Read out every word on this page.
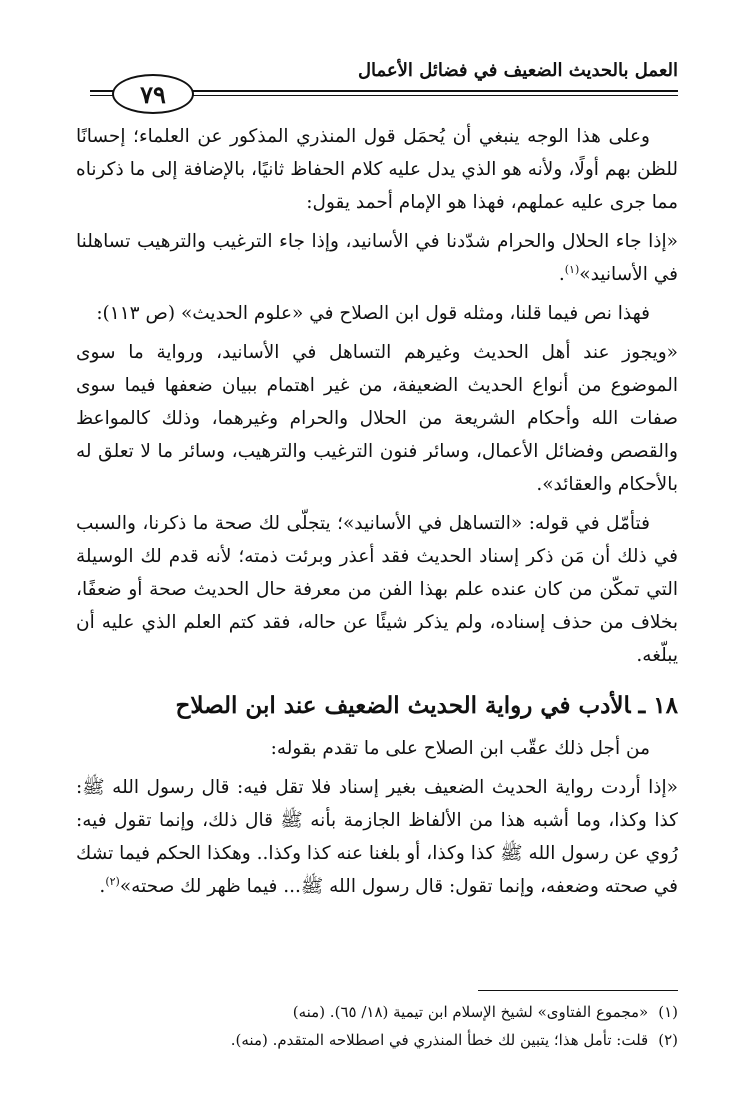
العمل بالحديث الضعيف في فضائل الأعمال
٧٩

وعلى هذا الوجه ينبغي أن يُحمَل قول المنذري المذكور عن العلماء؛ إحسانًا للظن بهم أولًا، ولأنه هو الذي يدل عليه كلام الحفاظ ثانيًا، بالإضافة إلى ما ذكرناه مما جرى عليه عملهم، فهذا هو الإمام أحمد يقول:

«إذا جاء الحلال والحرام شدّدنا في الأسانيد، وإذا جاء الترغيب والترهيب تساهلنا في الأسانيد»$^{(١)}$.

فهذا نص فيما قلنا، ومثله قول ابن الصلاح في «علوم الحديث» (ص ١١٣):

«ويجوز عند أهل الحديث وغيرهم التساهل في الأسانيد، ورواية ما سوى الموضوع من أنواع الحديث الضعيفة، من غير اهتمام ببيان ضعفها فيما سوى صفات الله وأحكام الشريعة من الحلال والحرام وغيرهما، وذلك كالمواعظ والقصص وفضائل الأعمال، وسائر فنون الترغيب والترهيب، وسائر ما لا تعلق له بالأحكام والعقائد».

فتأمّل في قوله: «التساهل في الأسانيد»؛ يتجلّى لك صحة ما ذكرنا، والسبب في ذلك أن مَن ذكر إسناد الحديث فقد أعذر وبرئت ذمته؛ لأنه قدم لك الوسيلة التي تمكّن من كان عنده علم بهذا الفن من معرفة حال الحديث صحة أو ضعفًا، بخلاف من حذف إسناده، ولم يذكر شيئًا عن حاله، فقد كتم العلم الذي عليه أن يبلّغه.

١٨ ـالأدب في رواية الحديث الضعيف عند ابن الصلاح

من أجل ذلك عقّب ابن الصلاح على ما تقدم بقوله:

«إذا أردت رواية الحديث الضعيف بغير إسناد فلا تقل فيه: قال رسول الله ﷺ: كذا وكذا، وما أشبه هذا من الألفاظ الجازمة بأنه ﷺ قال ذلك، وإنما تقول فيه: رُوي عن رسول الله ﷺ كذا وكذا، أو بلغنا عنه كذا وكذا.. وهكذا الحكم فيما تشك في صحته وضعفه، وإنما تقول: قال رسول الله ﷺ... فيما ظهر لك صحته»$^{(٢)}$.

(١)
«مجموع الفتاوى» لشيخ الإسلام ابن تيمية (١٨/ ٦٥). (منه)
(٢)
قلت: تأمل هذا؛ يتبين لك خطأ المنذري في اصطلاحه المتقدم. (منه).
